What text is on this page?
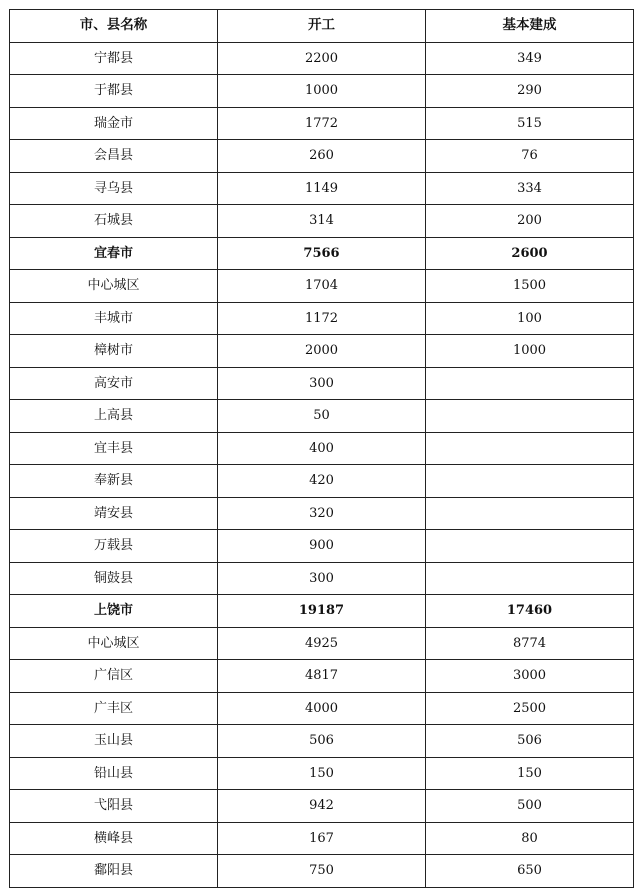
市、县名称	开工	基本建成
宁都县	2200	349
于都县	1000	290
瑞金市	1772	515
会昌县	260	76
寻乌县	1149	334
石城县	314	200
宜春市	7566	2600
中心城区	1704	1500
丰城市	1172	100
樟树市	2000	1000
高安市	300	
上高县	50	
宜丰县	400	
奉新县	420	
靖安县	320	
万载县	900	
铜鼓县	300	
上饶市	19187	17460
中心城区	4925	8774
广信区	4817	3000
广丰区	4000	2500
玉山县	506	506
铅山县	150	150
弋阳县	942	500
横峰县	167	80
鄱阳县	750	650
